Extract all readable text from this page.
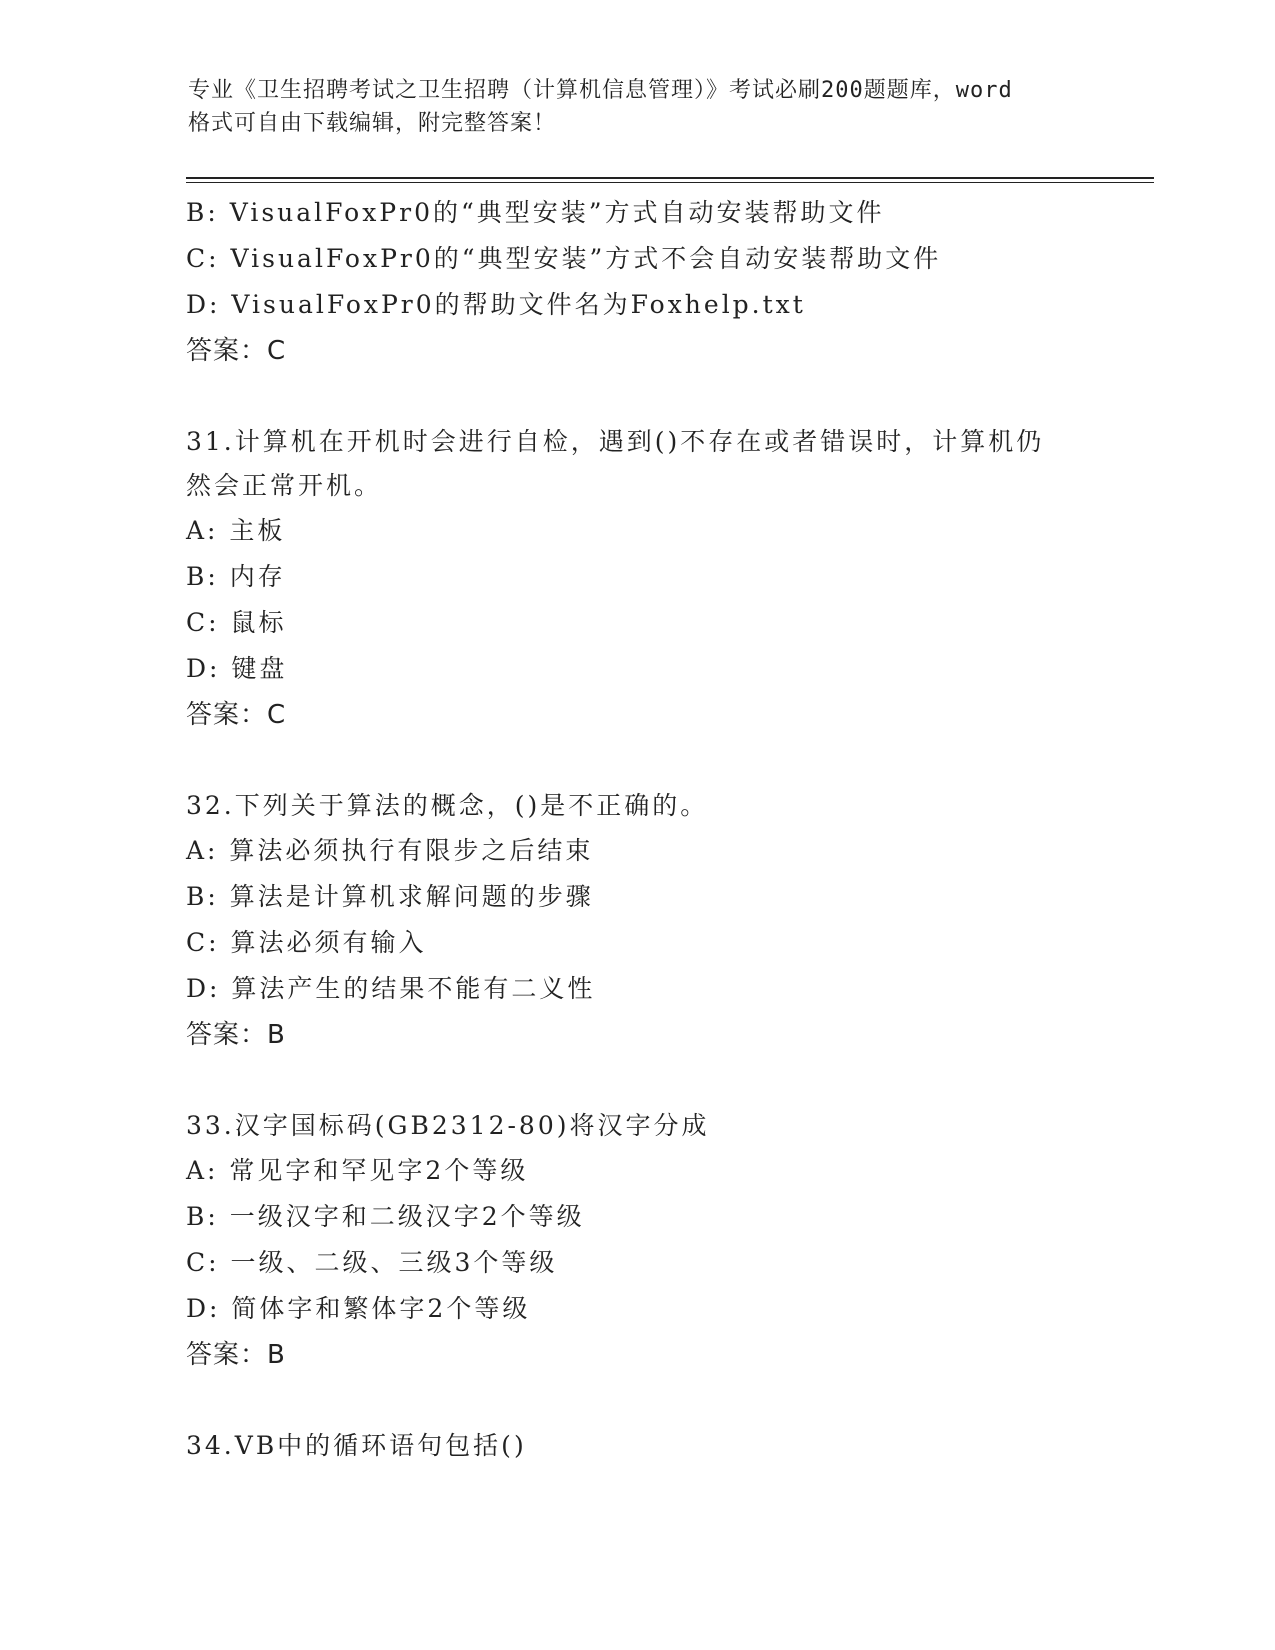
专业《卫生招聘考试之卫生招聘（计算机信息管理）》考试必刷200题题库，word
格式可自由下载编辑，附完整答案！
B: VisualFoxPr0的“典型安装”方式自动安装帮助文件
C: VisualFoxPr0的“典型安装”方式不会自动安装帮助文件
D: VisualFoxPr0的帮助文件名为Foxhelp.txt
答案：C
31.计算机在开机时会进行自检，遇到()不存在或者错误时，计算机仍
然会正常开机。
A: 主板
B: 内存
C: 鼠标
D: 键盘
答案：C
32.下列关于算法的概念，()是不正确的。
A: 算法必须执行有限步之后结束
B: 算法是计算机求解问题的步骤
C: 算法必须有输入
D: 算法产生的结果不能有二义性
答案：B
33.汉字国标码(GB2312-80)将汉字分成
A: 常见字和罕见字2个等级
B: 一级汉字和二级汉字2个等级
C: 一级、二级、三级3个等级
D: 简体字和繁体字2个等级
答案：B
34.VB中的循环语句包括()
